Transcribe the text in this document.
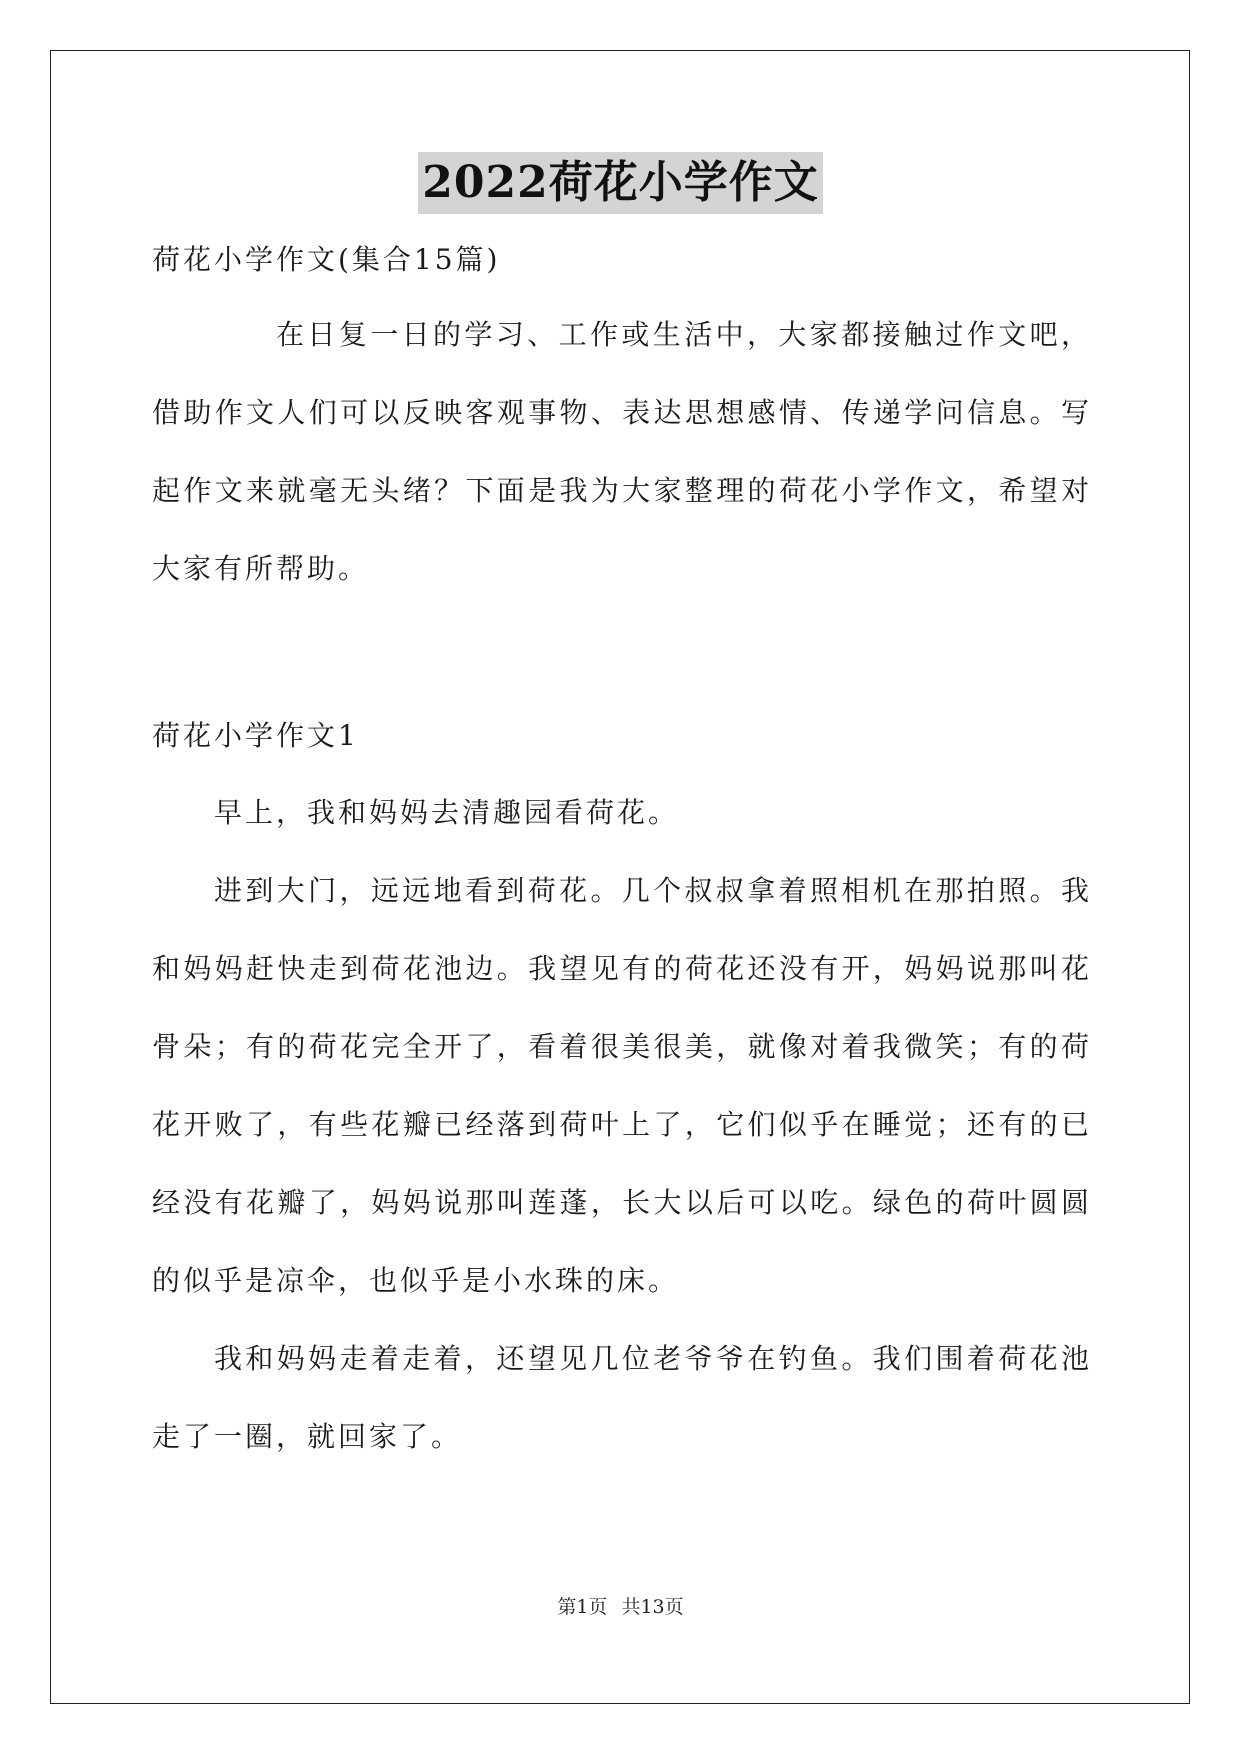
2022荷花小学作文

荷花小学作文(集合15篇)

在日复一日的学习、工作或生活中，大家都接触过作文吧，借助作文人们可以反映客观事物、表达思想感情、传递学问信息。写起作文来就毫无头绪？下面是我为大家整理的荷花小学作文，希望对大家有所帮助。

荷花小学作文1

早上，我和妈妈去清趣园看荷花。

进到大门，远远地看到荷花。几个叔叔拿着照相机在那拍照。我和妈妈赶快走到荷花池边。我望见有的荷花还没有开，妈妈说那叫花骨朵；有的荷花完全开了，看着很美很美，就像对着我微笑；有的荷花开败了，有些花瓣已经落到荷叶上了，它们似乎在睡觉；还有的已经没有花瓣了，妈妈说那叫莲蓬，长大以后可以吃。绿色的荷叶圆圆的似乎是凉伞，也似乎是小水珠的床。

我和妈妈走着走着，还望见几位老爷爷在钓鱼。我们围着荷花池走了一圈，就回家了。

第1页 共13页
